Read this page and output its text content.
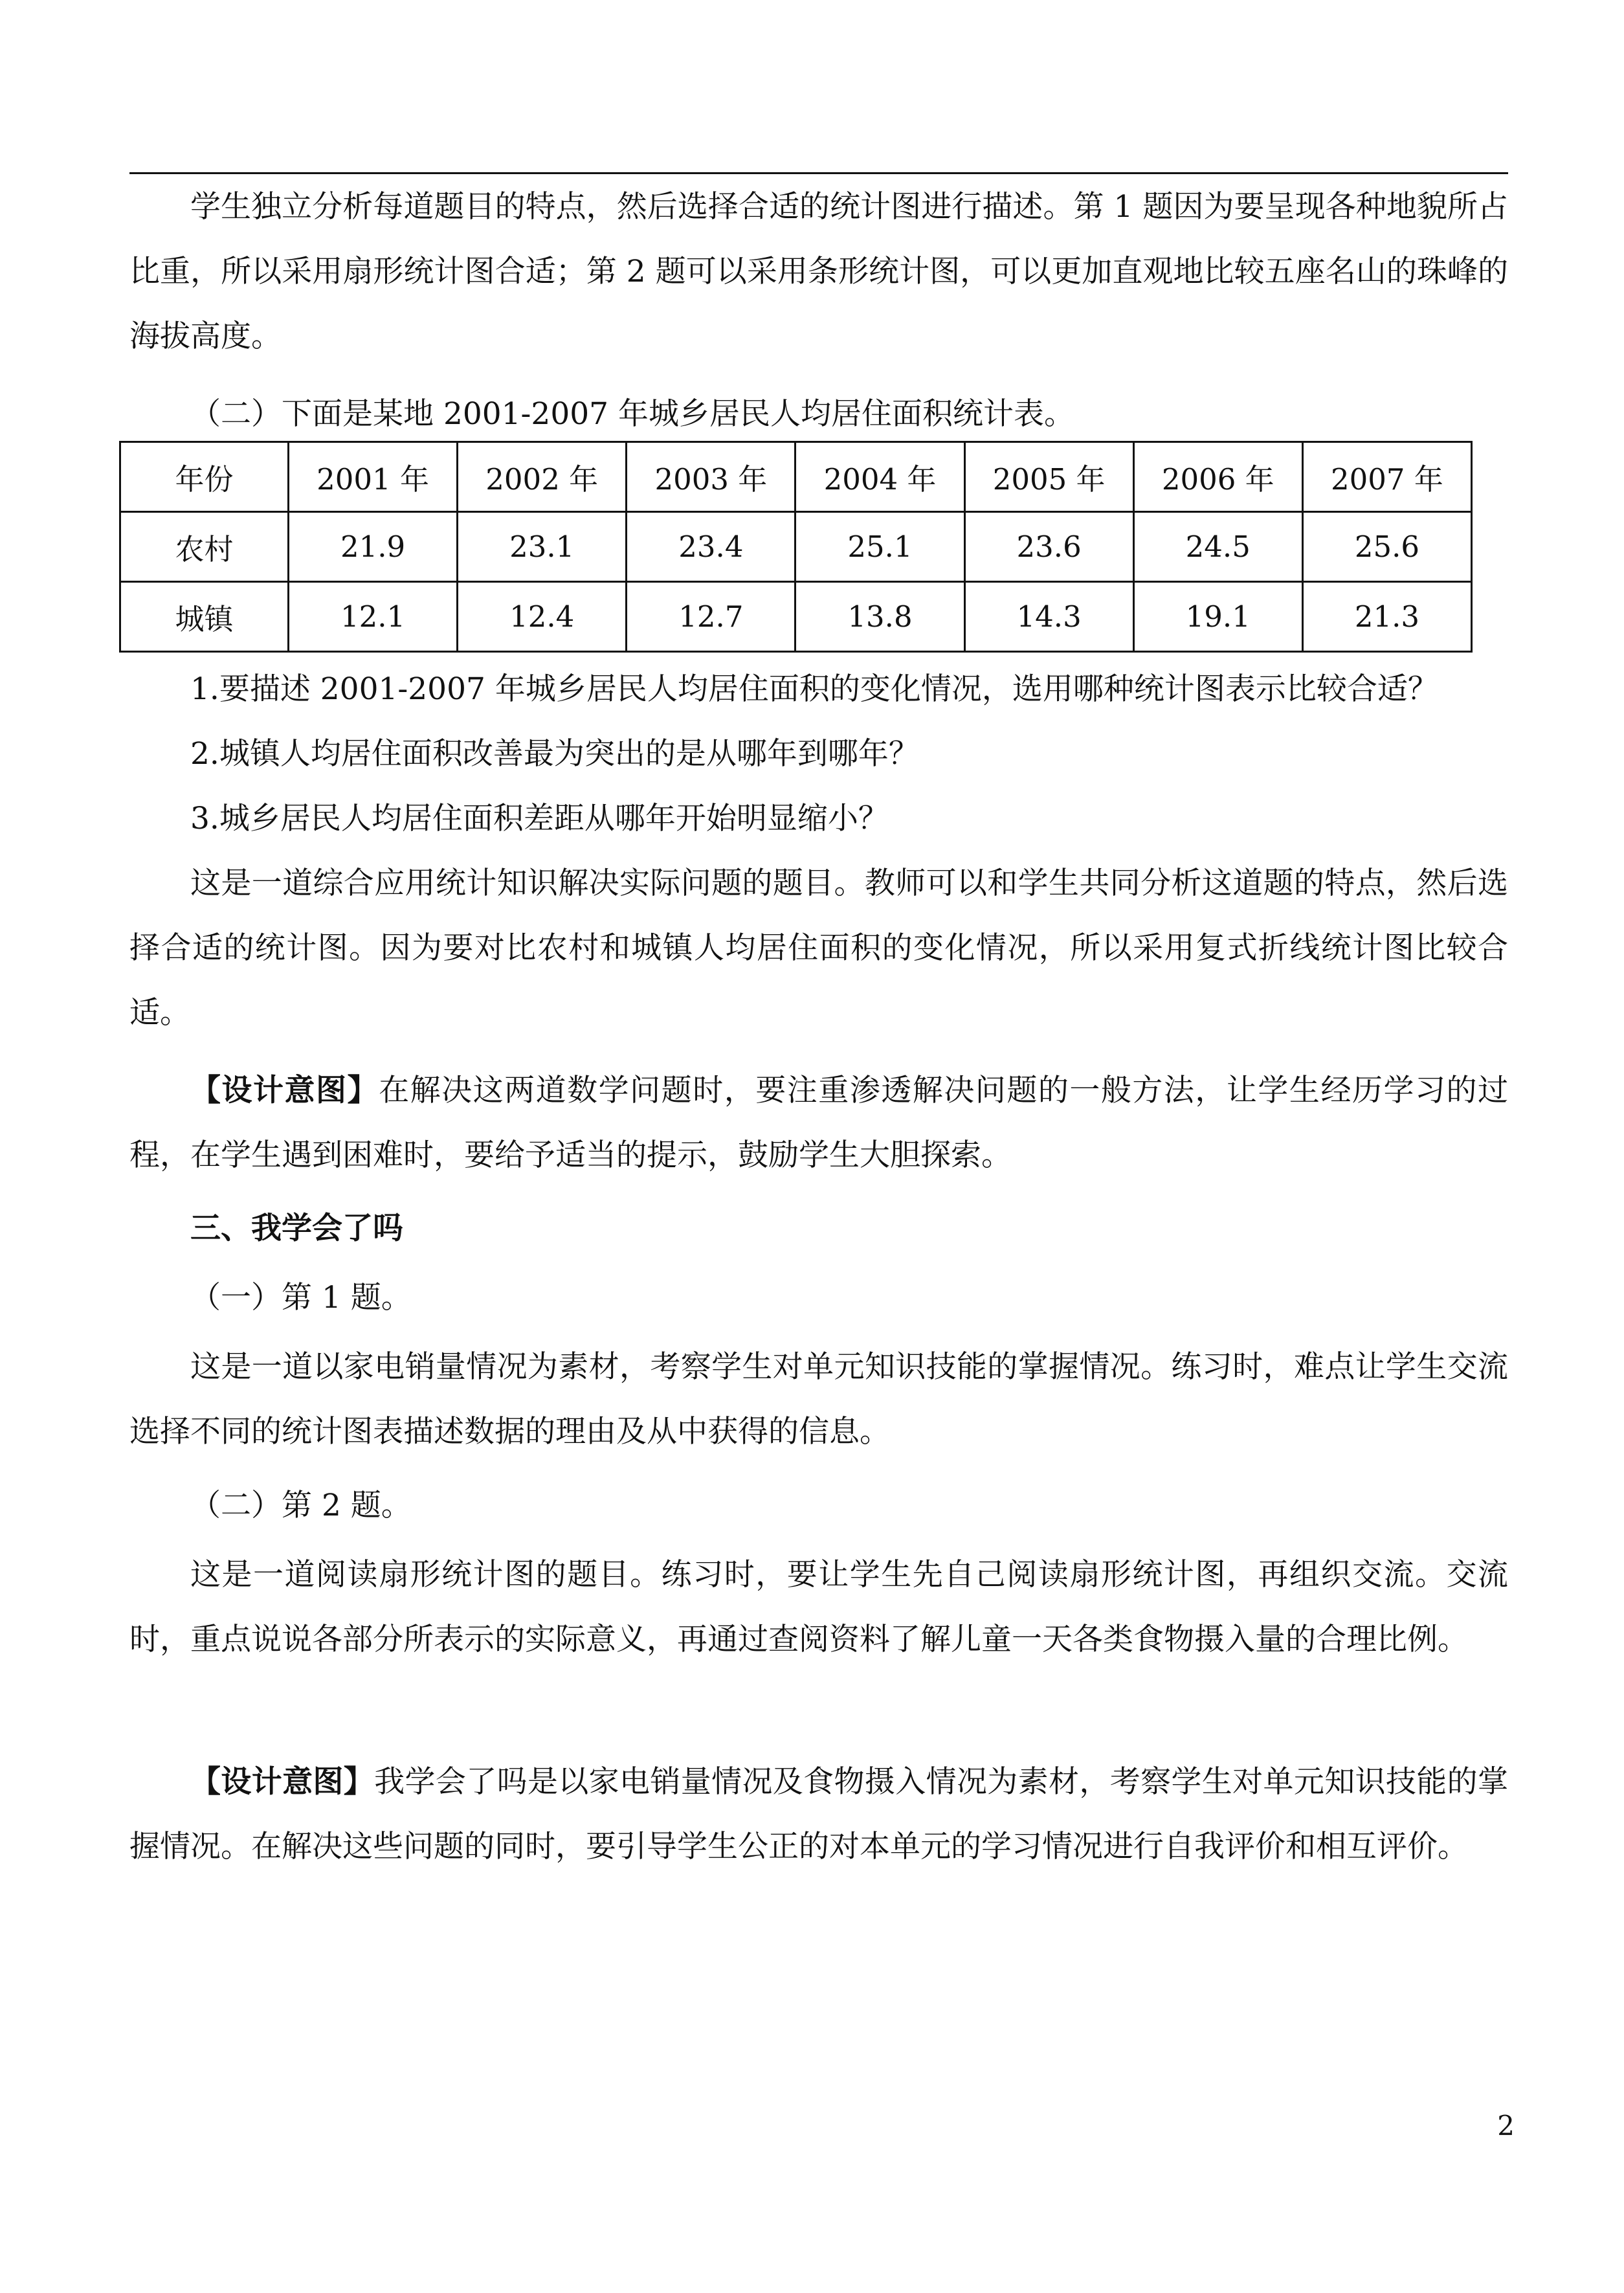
学生独立分析每道题目的特点，然后选择合适的统计图进行描述。第 1 题因为要呈现各种地貌所占比重，所以采用扇形统计图合适；第 2 题可以采用条形统计图，可以更加直观地比较五座名山的珠峰的海拔高度。

（二）下面是某地 2001-2007 年城乡居民人均居住面积统计表。

年份	2001 年	2002 年	2003 年	2004 年	2005 年	2006 年	2007 年
农村	21.9	23.1	23.4	25.1	23.6	24.5	25.6
城镇	12.1	12.4	12.7	13.8	14.3	19.1	21.3

1.要描述 2001-2007 年城乡居民人均居住面积的变化情况，选用哪种统计图表示比较合适？

2.城镇人均居住面积改善最为突出的是从哪年到哪年？

3.城乡居民人均居住面积差距从哪年开始明显缩小？

这是一道综合应用统计知识解决实际问题的题目。教师可以和学生共同分析这道题的特点，然后选择合适的统计图。因为要对比农村和城镇人均居住面积的变化情况，所以采用复式折线统计图比较合适。

【设计意图】在解决这两道数学问题时，要注重渗透解决问题的一般方法，让学生经历学习的过程，在学生遇到困难时，要给予适当的提示，鼓励学生大胆探索。

三、我学会了吗

（一）第 1 题。

这是一道以家电销量情况为素材，考察学生对单元知识技能的掌握情况。练习时，难点让学生交流选择不同的统计图表描述数据的理由及从中获得的信息。

（二）第 2 题。

这是一道阅读扇形统计图的题目。练习时，要让学生先自己阅读扇形统计图，再组织交流。交流时，重点说说各部分所表示的实际意义，再通过查阅资料了解儿童一天各类食物摄入量的合理比例。

【设计意图】我学会了吗是以家电销量情况及食物摄入情况为素材，考察学生对单元知识技能的掌握情况。在解决这些问题的同时，要引导学生公正的对本单元的学习情况进行自我评价和相互评价。

2
